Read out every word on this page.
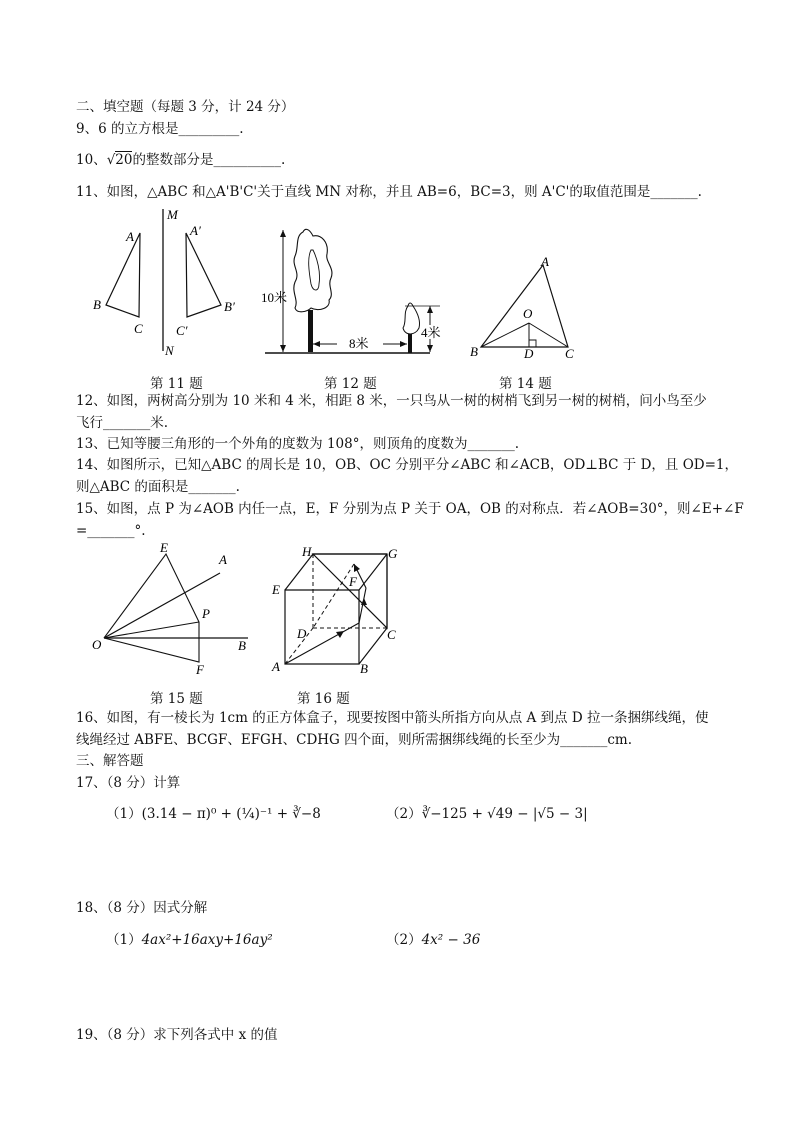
二、填空题（每题 3 分，计 24 分）
9、6 的立方根是_________.
10、√20的整数部分是__________.
11、如图，△ABC 和△A'B'C'关于直线 MN 对称，并且 AB=6，BC=3，则 A'C'的取值范围是_______.
M
N
A
B
C
A′
B′
C′
第 11 题
10米
8米
4米
第 12 题
A
B	C
O
D
第 14 题
12、如图，两树高分别为 10 米和 4 米，相距 8 米，一只鸟从一树的树梢飞到另一树的树梢，问小鸟至少
飞行_______米.
13、已知等腰三角形的一个外角的度数为 108°，则顶角的度数为_______.
14、如图所示，已知△ABC 的周长是 10，OB、OC 分别平分∠ABC 和∠ACB，OD⊥BC 于 D，且 OD=1，
则△ABC 的面积是_______.
15、如图，点 P 为∠AOB 内任一点，E，F 分别为点 P 关于 OA，OB 的对称点．若∠AOB=30°，则∠E+∠F
=_______°.
E
A
P
O	B
F
第 15 题
H	G
E
F
D	C
A	B
第 16 题
16、如图，有一棱长为 1cm 的正方体盒子，现要按图中箭头所指方向从点 A 到点 D 拉一条捆绑线绳，使
线绳经过 ABFE、BCGF、EFGH、CDHG 四个面，则所需捆绑线绳的长至少为_______cm.
三、解答题
17、（8 分）计算
（1）(3.14 − π)⁰ + (¼)⁻¹ + ∛−8	（2）∛−125 + √49 − |√5 − 3|
18、（8 分）因式分解
（1）4ax²+16axy+16ay²	（2）4x² − 36
19、（8 分）求下列各式中 x 的值
